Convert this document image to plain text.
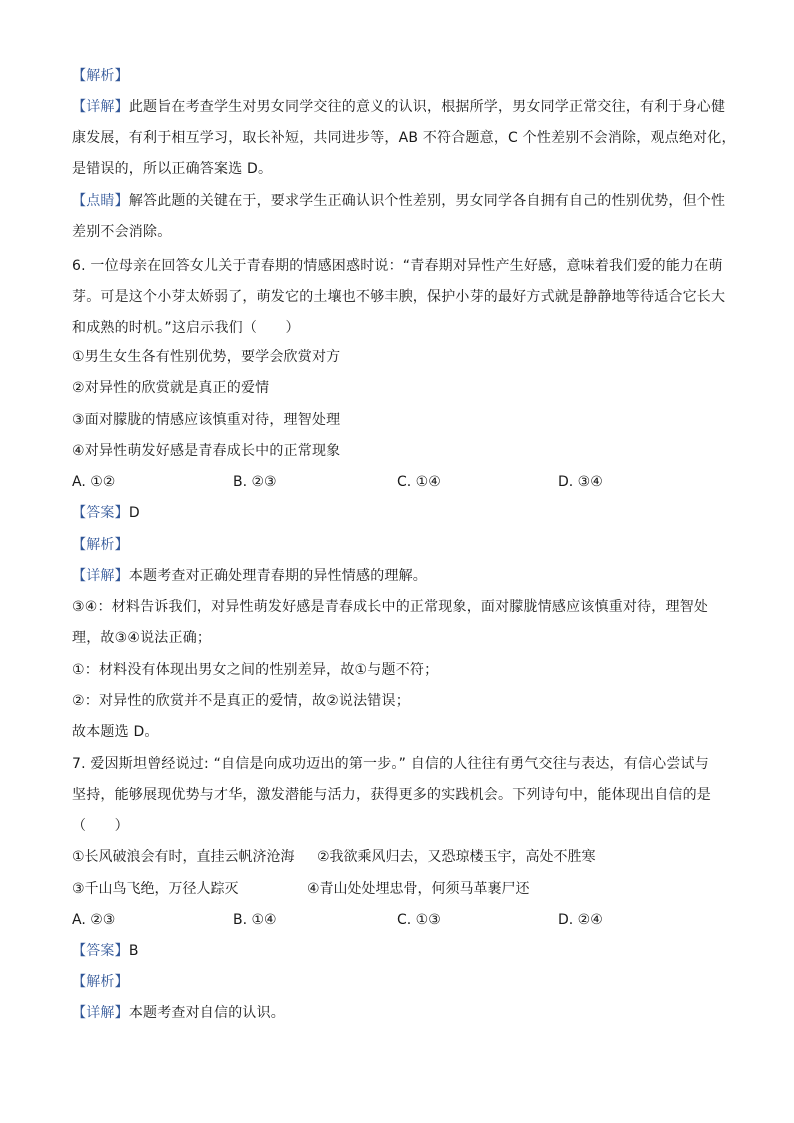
【解析】
【详解】此题旨在考查学生对男女同学交往的意义的认识，根据所学，男女同学正常交往，有利于身心健
康发展，有利于相互学习，取长补短，共同进步等，AB 不符合题意，C 个性差别不会消除，观点绝对化，
是错误的，所以正确答案选 D。
【点睛】解答此题的关键在于，要求学生正确认识个性差别，男女同学各自拥有自己的性别优势，但个性
差别不会消除。
6. 一位母亲在回答女儿关于青春期的情感困惑时说：“青春期对异性产生好感，意味着我们爱的能力在萌
芽。可是这个小芽太娇弱了，萌发它的土壤也不够丰腴，保护小芽的最好方式就是静静地等待适合它长大
和成熟的时机。”这启示我们（　　）
①男生女生各有性别优势，要学会欣赏对方
②对异性的欣赏就是真正的爱情
③面对朦胧的情感应该慎重对待，理智处理
④对异性萌发好感是青春成长中的正常现象
A. ①②	B. ②③	C. ①④	D. ③④
【答案】D
【解析】
【详解】本题考查对正确处理青春期的异性情感的理解。
③④：材料告诉我们，对异性萌发好感是青春成长中的正常现象，面对朦胧情感应该慎重对待，理智处
理，故③④说法正确；
①：材料没有体现出男女之间的性别差异，故①与题不符；
②：对异性的欣赏并不是真正的爱情，故②说法错误；
故本题选 D。
7. 爱因斯坦曾经说过: “自信是向成功迈出的第一步。” 自信的人往往有勇气交往与表达，有信心尝试与
坚持，能够展现优势与才华，激发潜能与活力，获得更多的实践机会。下列诗句中，能体现出自信的是
（　　）
①长风破浪会有时，直挂云帆济沧海 ②我欲乘风归去，又恐琼楼玉宇，高处不胜寒
③千山鸟飞绝，万径人踪灭	④青山处处埋忠骨，何须马革裹尸还
A. ②③	B. ①④	C. ①③	D. ②④
【答案】B
【解析】
【详解】本题考查对自信的认识。
